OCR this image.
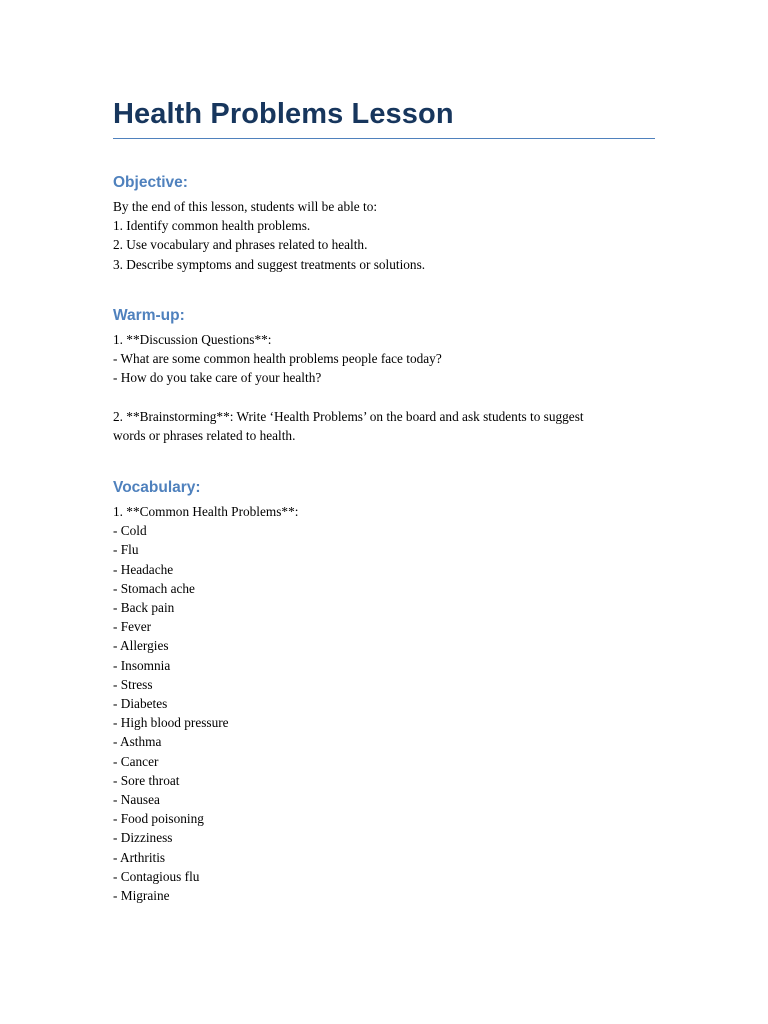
Health Problems Lesson
Objective:
By the end of this lesson, students will be able to:
1. Identify common health problems.
2. Use vocabulary and phrases related to health.
3. Describe symptoms and suggest treatments or solutions.
Warm-up:
1. **Discussion Questions**:
- What are some common health problems people face today?
- How do you take care of your health?
2. **Brainstorming**: Write ‘Health Problems’ on the board and ask students to suggest
words or phrases related to health.
Vocabulary:
1. **Common Health Problems**:
- Cold
- Flu
- Headache
- Stomach ache
- Back pain
- Fever
- Allergies
- Insomnia
- Stress
- Diabetes
- High blood pressure
- Asthma
- Cancer
- Sore throat
- Nausea
- Food poisoning
- Dizziness
- Arthritis
- Contagious flu
- Migraine
